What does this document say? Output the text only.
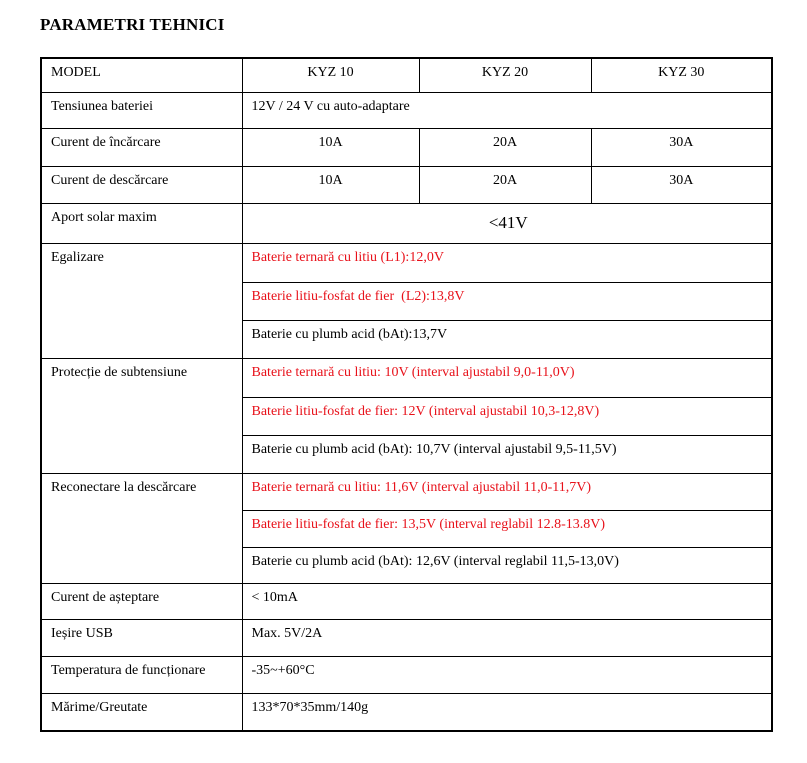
PARAMETRI TEHNICI
MODEL	KYZ 10	KYZ 20	KYZ 30
Tensiunea bateriei	12V / 24 V cu auto-adaptare		
Curent de încărcare	10A	20A	30A
Curent de descărcare	10A	20A	30A
Aport solar maxim	<41V		
Egalizare	Baterie ternară cu litiu (L1):12,0V		
	Baterie litiu-fosfat de fier  (L2):13,8V		
	Baterie cu plumb acid (bAt):13,7V		
Protecție de subtensiune	Baterie ternară cu litiu: 10V (interval ajustabil 9,0-11,0V)		
	Baterie litiu-fosfat de fier: 12V (interval ajustabil 10,3-12,8V)		
	Baterie cu plumb acid (bAt): 10,7V (interval ajustabil 9,5-11,5V)		
Reconectare la descărcare	Baterie ternară cu litiu: 11,6V (interval ajustabil 11,0-11,7V)		
	Baterie litiu-fosfat de fier: 13,5V (interval reglabil 12.8-13.8V)		
	Baterie cu plumb acid (bAt): 12,6V (interval reglabil 11,5-13,0V)		
Curent de așteptare	< 10mA		
Ieșire USB	Max. 5V/2A		
Temperatura de funcționare	-35~+60°C		
Mărime/Greutate	133*70*35mm/140g		
